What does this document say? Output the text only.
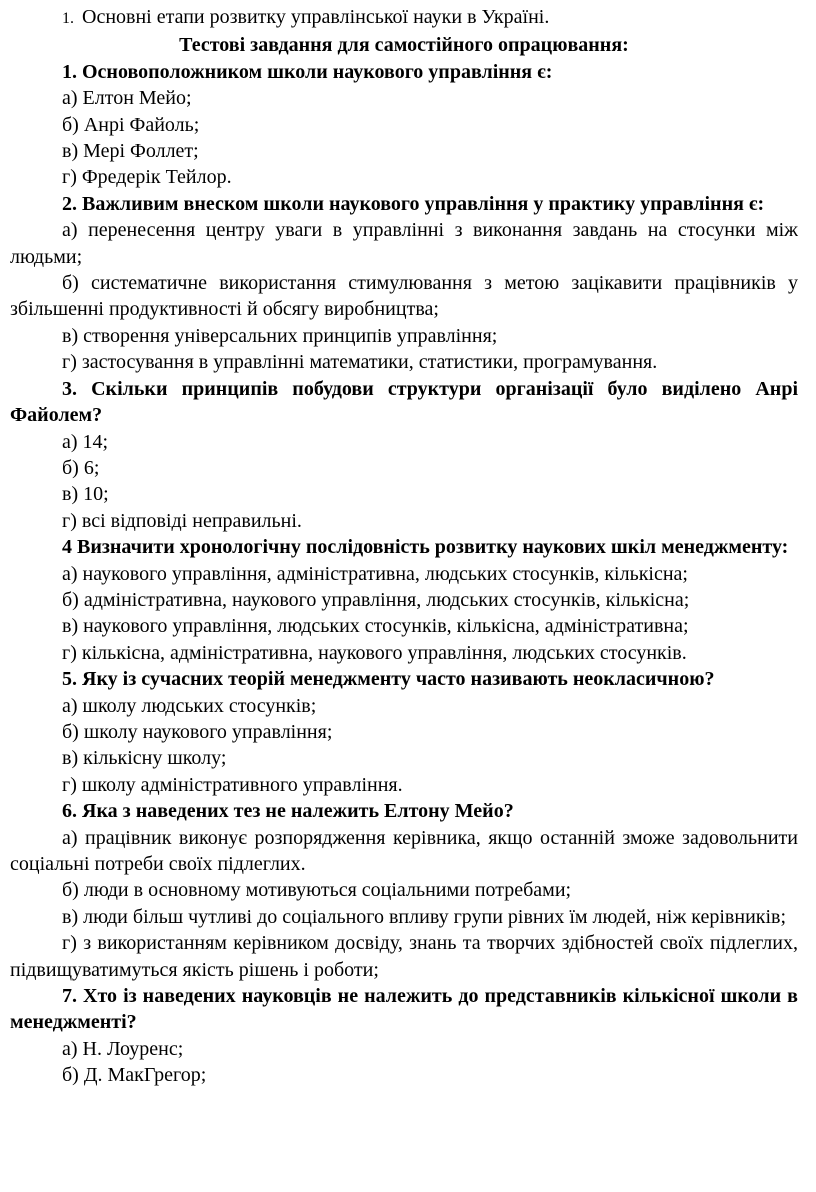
1. Основні етапи розвитку управлінської науки в Україні.

Тестові завдання для самостійного опрацювання:

1. Основоположником школи наукового управління є:

а) Елтон Мейо;

б) Анрі Файоль;

в) Мері Фоллет;

г) Фредерік Тейлор.

2. Важливим внеском школи наукового управління у практику управління є:

а) перенесення центру уваги в управлінні з виконання завдань на стосунки між людьми;

б) систематичне використання стимулювання з метою зацікавити працівників у збільшенні продуктивності й обсягу виробництва;

в) створення універсальних принципів управління;

г) застосування в управлінні математики, статистики, програмування.

3. Скільки принципів побудови структури організації було виділено Анрі Файолем?

а) 14;

б) 6;

в) 10;

г) всі відповіді неправильні.

4 Визначити хронологічну послідовність розвитку наукових шкіл менеджменту:

а) наукового управління, адміністративна, людських стосунків, кількісна;

б) адміністративна, наукового управління, людських стосунків, кількісна;

в) наукового управління, людських стосунків, кількісна, адміністративна;

г) кількісна, адміністративна, наукового управління, людських стосунків.

5. Яку із сучасних теорій менеджменту часто називають неокласичною?

а) школу людських стосунків;

б) школу наукового управління;

в) кількісну школу;

г) школу адміністративного управління.

6. Яка з наведених тез не належить Елтону Мейо?

а) працівник виконує розпорядження керівника, якщо останній зможе задовольнити соціальні потреби своїх підлеглих.

б) люди в основному мотивуються соціальними потребами;

в) люди більш чутливі до соціального впливу групи рівних їм людей, ніж керівників;

г) з використанням керівником досвіду, знань та творчих здібностей своїх підлеглих, підвищуватимуться якість рішень і роботи;

7. Хто із наведених науковців не належить до представників кількісної школи в менеджменті?

а) Н. Лоуренс;

б) Д. МакГрегор;
